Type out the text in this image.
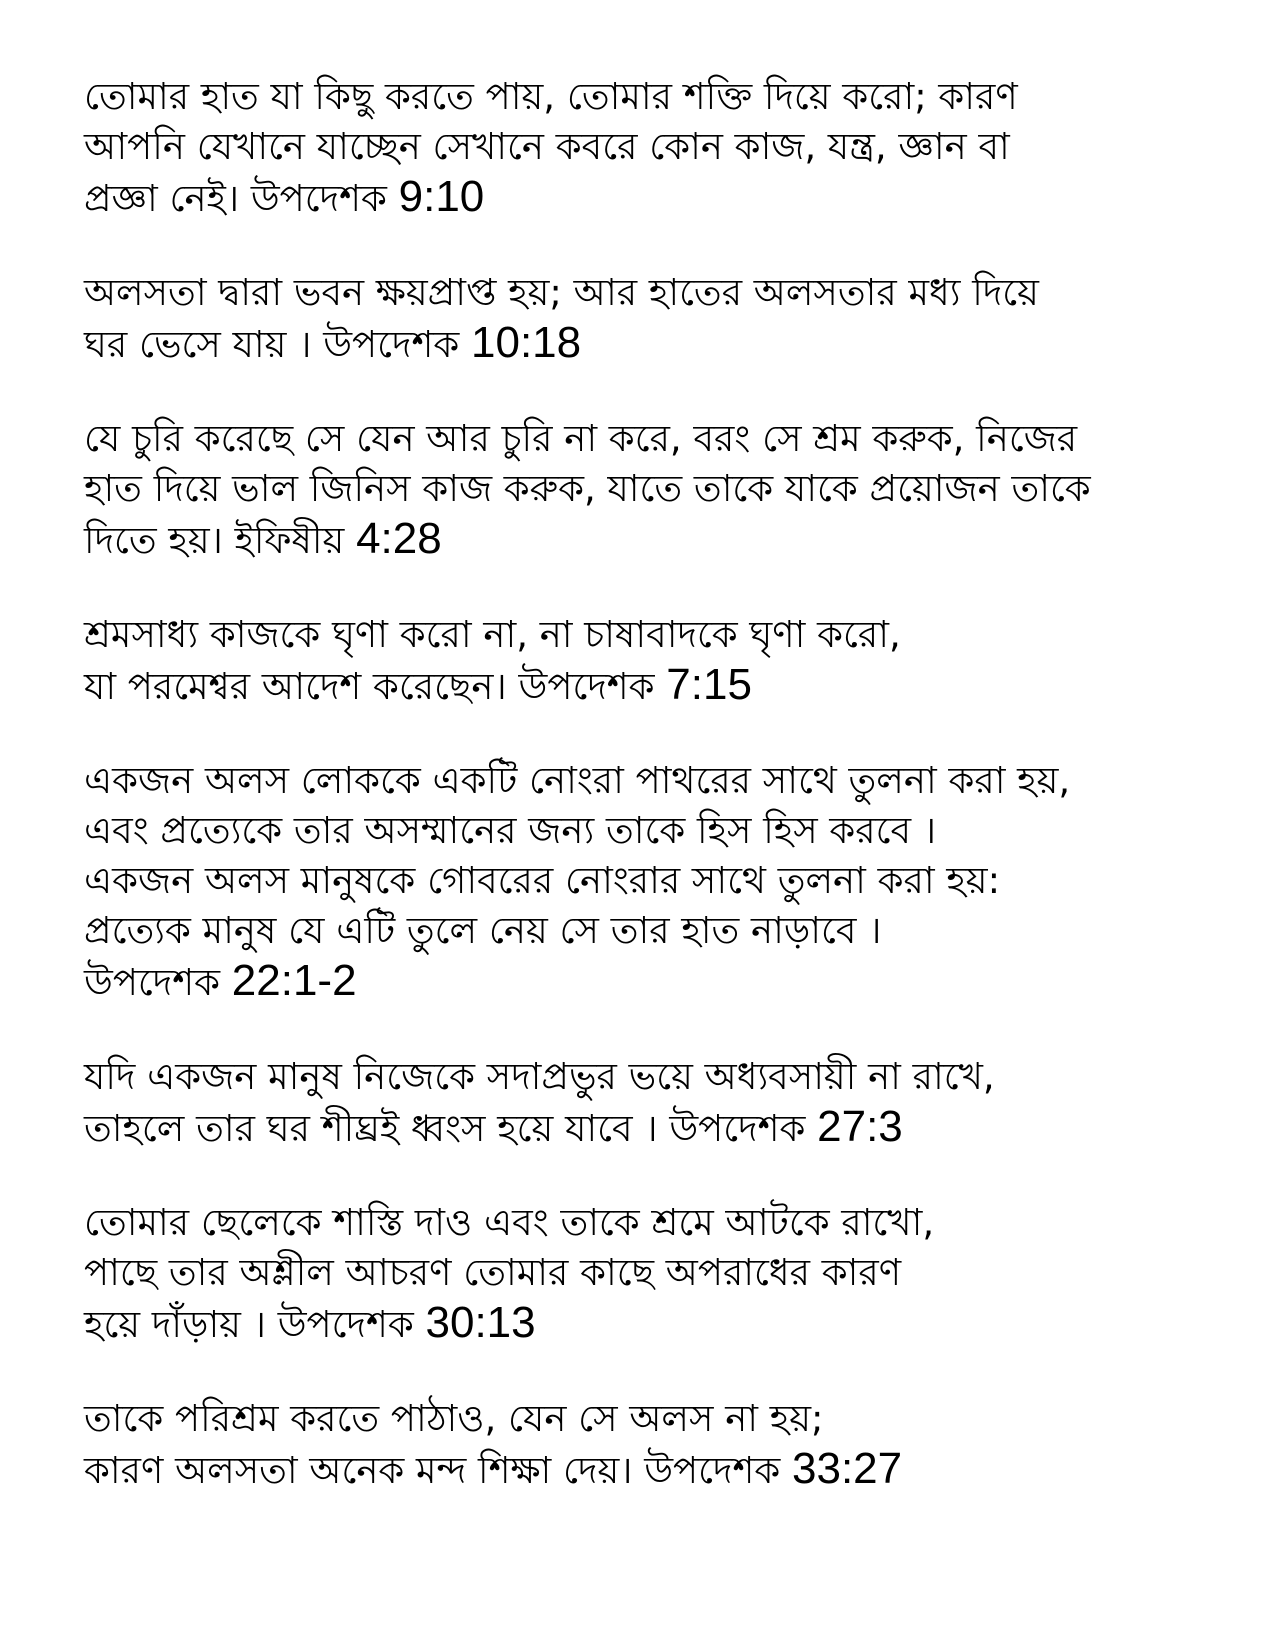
তোমার হাত যা কিছু করতে পায়, তোমার শক্তি দিয়ে করো; কারণ
আপনি যেখানে যাচ্ছেন সেখানে কবরে কোন কাজ, যন্ত্র, জ্ঞান বা
প্রজ্ঞা নেই। উপদেশক 9:10
অলসতা দ্বারা ভবন ক্ষয়প্রাপ্ত হয়; আর হাতের অলসতার মধ্য দিয়ে
ঘর ভেসে যায় । উপদেশক 10:18
যে চুরি করেছে সে যেন আর চুরি না করে, বরং সে শ্রম করুক, নিজের
হাত দিয়ে ভাল জিনিস কাজ করুক, যাতে তাকে যাকে প্রয়োজন তাকে
দিতে হয়। ইফিষীয় 4:28
শ্রমসাধ্য কাজকে ঘৃণা করো না, না চাষাবাদকে ঘৃণা করো,
যা পরমেশ্বর আদেশ করেছেন। উপদেশক 7:15
একজন অলস লোককে একটি নোংরা পাথরের সাথে তুলনা করা হয়,
এবং প্রত্যেকে তার অসম্মানের জন্য তাকে হিস হিস করবে ।
একজন অলস মানুষকে গোবরের নোংরার সাথে তুলনা করা হয়:
প্রত্যেক মানুষ যে এটি তুলে নেয় সে তার হাত নাড়াবে ।
উপদেশক 22:1-2
যদি একজন মানুষ নিজেকে সদাপ্রভুর ভয়ে অধ্যবসায়ী না রাখে,
তাহলে তার ঘর শীঘ্রই ধ্বংস হয়ে যাবে । উপদেশক 27:3
তোমার ছেলেকে শাস্তি দাও এবং তাকে শ্রমে আটকে রাখো,
পাছে তার অশ্লীল আচরণ তোমার কাছে অপরাধের কারণ
হয়ে দাঁড়ায় । উপদেশক 30:13
তাকে পরিশ্রম করতে পাঠাও, যেন সে অলস না হয়;
কারণ অলসতা অনেক মন্দ শিক্ষা দেয়। উপদেশক 33:27
